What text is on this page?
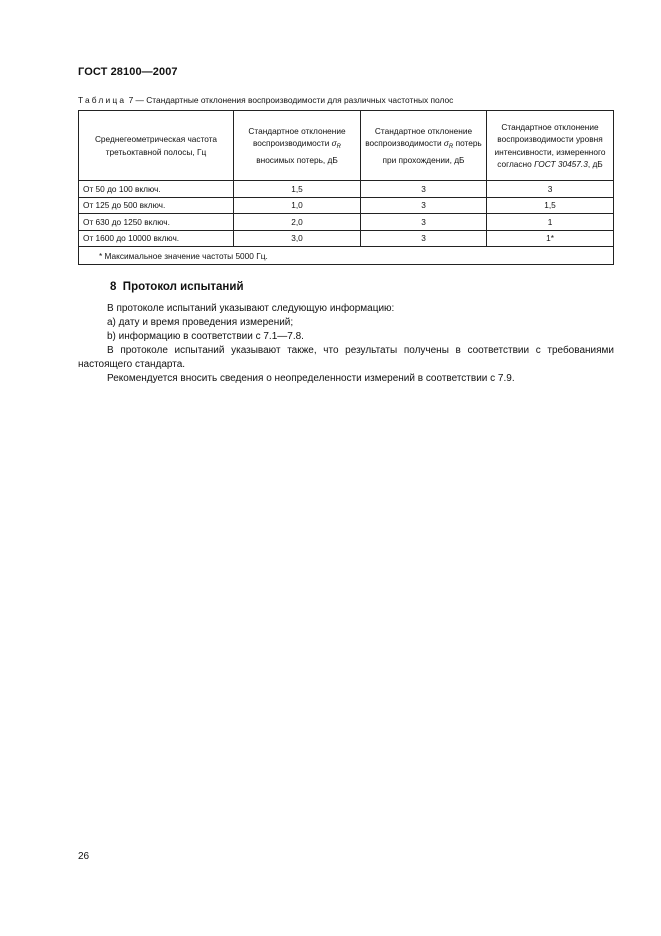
ГОСТ 28100—2007
Таблица 7 — Стандартные отклонения воспроизводимости для различных частотных полос
Среднегеометрическая частота третьоктавной полосы, Гц	Стандартное отклонение воспроизводимости $\sigma_R$ вносимых потерь, дБ	Стандартное отклонение воспроизводимости $\sigma_R$ потерь при прохождении, дБ	Стандартное отклонение воспроизводимости уровня интенсивности, измеренного согласно ГОСТ 30457.3, дБ
От 50 до 100 включ.	1,5	3	3
От 125 до 500 включ.	1,0	3	1,5
От 630 до 1250 включ.	2,0	3	1
От 1600 до 10000 включ.	3,0	3	1*
* Максимальное значение частоты 5000 Гц.			
8 Протокол испытаний

В протоколе испытаний указывают следующую информацию:

a) дату и время проведения измерений;

b) информацию в соответствии с 7.1—7.8.

В протоколе испытаний указывают также, что результаты получены в соответствии с требованиями настоящего стандарта.

Рекомендуется вносить сведения о неопределенности измерений в соответствии с 7.9.

26
